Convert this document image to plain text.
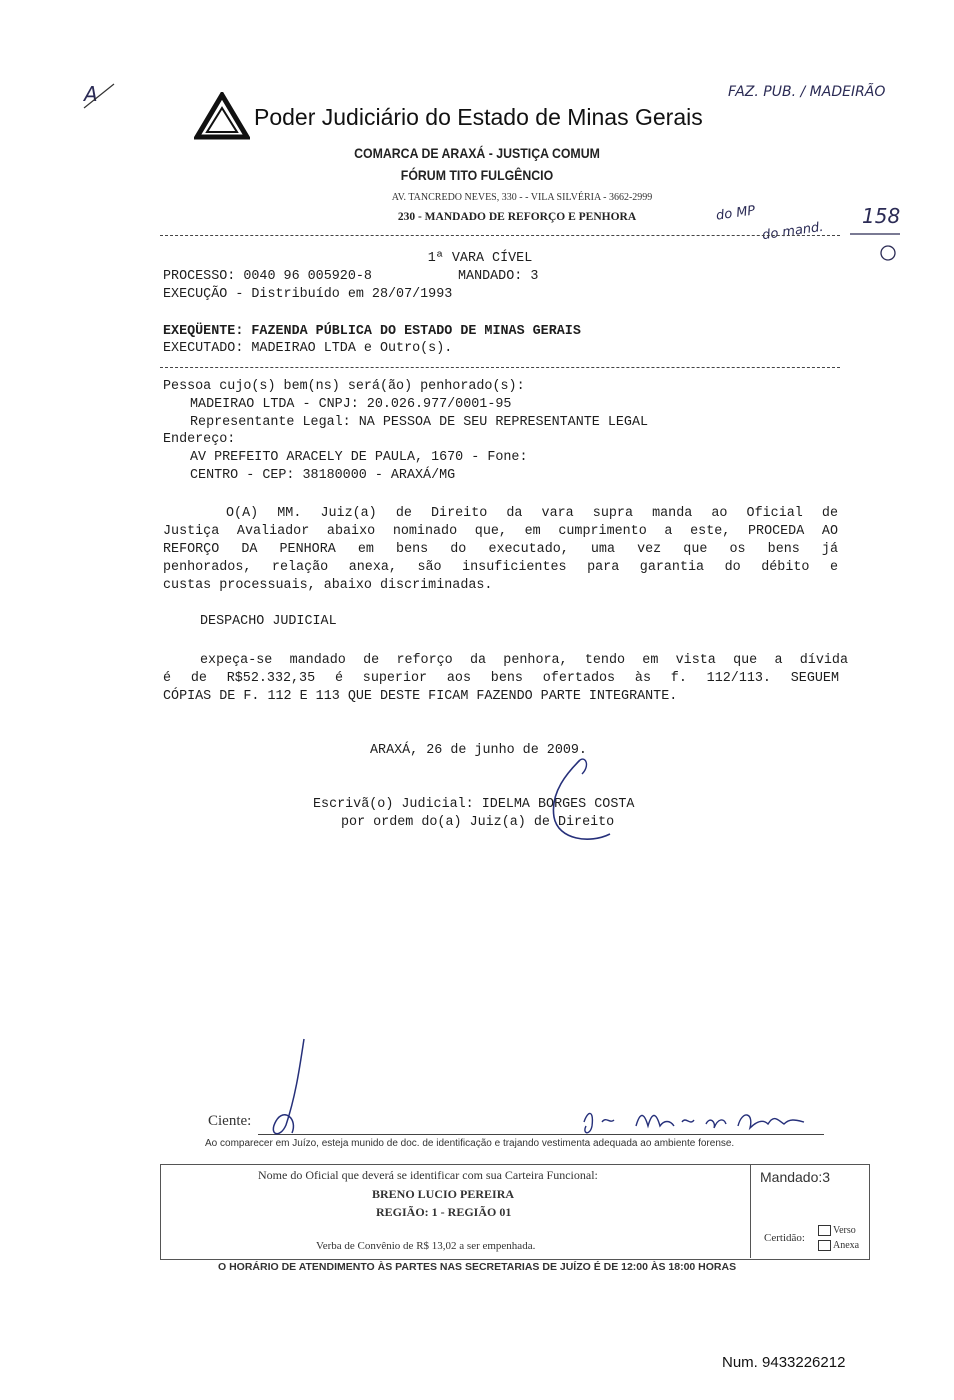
A	FAZ. PUB. / MADEIRÃO
158
do MP
do mand.
Poder Judiciário do Estado de Minas Gerais
COMARCA DE ARAXÁ - JUSTIÇA COMUM
FÓRUM TITO FULGÊNCIO
AV. TANCREDO NEVES, 330 - - VILA SILVÉRIA - 3662-2999
230 - MANDADO DE REFORÇO E PENHORA
1ª VARA CÍVEL
PROCESSO: 0040 96 005920-8	MANDADO: 3
EXECUÇÃO - Distribuído em 28/07/1993
EXEQÜENTE: FAZENDA PÚBLICA DO ESTADO DE MINAS GERAIS
EXECUTADO: MADEIRAO LTDA e Outro(s).
Pessoa cujo(s) bem(ns) será(ão) penhorado(s):
MADEIRAO LTDA - CNPJ: 20.026.977/0001-95
Representante Legal: NA PESSOA DE SEU REPRESENTANTE LEGAL
Endereço:
AV PREFEITO ARACELY DE PAULA, 1670 - Fone:
CENTRO - CEP: 38180000 - ARAXÁ/MG
O(A) MM. Juiz(a) de Direito da vara supra manda ao Oficial de
Justiça Avaliador abaixo nominado que, em cumprimento a este, PROCEDA AO
REFORÇO DA PENHORA em bens do executado, uma vez que os bens já
penhorados, relação anexa, são insuficientes para garantia do débito e
custas processuais, abaixo discriminadas.
DESPACHO JUDICIAL
expeça-se mandado de reforço da penhora, tendo em vista que a dívida
é de R$52.332,35 é superior aos bens ofertados às f. 112/113. SEGUEM
CÓPIAS DE F. 112 E 113 QUE DESTE FICAM FAZENDO PARTE INTEGRANTE.
ARAXÁ, 26 de junho de 2009.
Escrivã(o) Judicial: IDELMA BORGES COSTA
por ordem do(a) Juiz(a) de Direito
Ciente:
Ao comparecer em Juízo, esteja munido de doc. de identificação e trajando vestimenta adequada ao ambiente forense.
Nome do Oficial que deverá se identificar com sua Carteira Funcional:
BRENO LUCIO PEREIRA
REGIÃO: 1 - REGIÃO 01
Verba de Convênio de R$ 13,02 a ser empenhada.
Mandado:3
Certidão:
Verso
Anexa
O HORÁRIO DE ATENDIMENTO ÀS PARTES NAS SECRETARIAS DE JUÍZO É DE 12:00 ÀS 18:00 HORAS
Num. 9433226212
